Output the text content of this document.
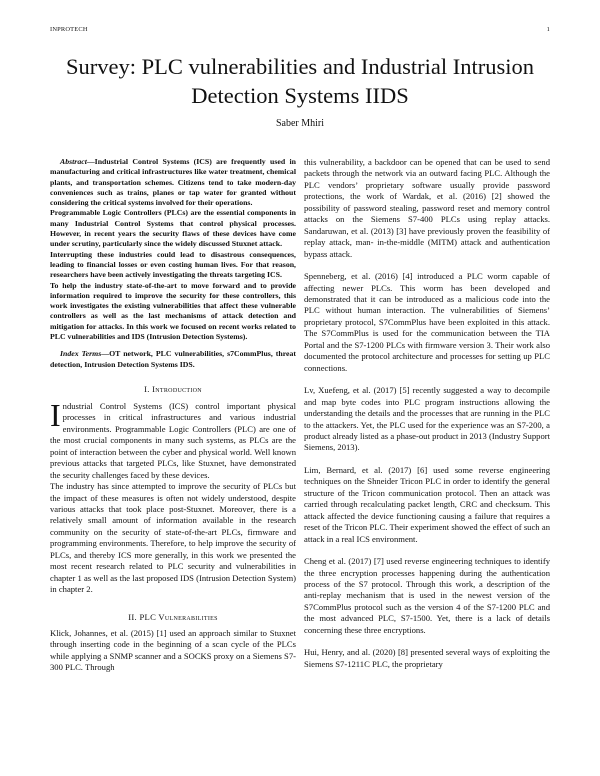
INPROTECH	1
Survey: PLC vulnerabilities and Industrial Intrusion Detection Systems IIDS
Saber Mhiri

Abstract—Industrial Control Systems (ICS) are frequently used in manufacturing and critical infrastructures like water treatment, chemical plants, and transportation schemes. Citizens tend to take modern-day conveniences such as trains, planes or tap water for granted without considering the critical systems involved for their operations.

Programmable Logic Controllers (PLCs) are the essential components in many Industrial Control Systems that control physical processes. However, in recent years the security flaws of these devices have come under scrutiny, particularly since the widely discussed Stuxnet attack.

Interrupting these industries could lead to disastrous consequences, leading to financial losses or even costing human lives. For that reason, researchers have been actively investigating the threats targeting ICS.

To help the industry state-of-the-art to move forward and to provide information required to improve the security for these controllers, this work investigates the existing vulnerabilities that affect these vulnerable controllers as well as the last mechanisms of attack detection and mitigation for attacks. In this work we focused on recent works related to PLC vulnerabilities and IDS (Intrusion Detection Systems).

Index Terms—OT network, PLC vulnerabilities, s7CommPlus, threat detection, Intrusion Detection Systems IDS.

I. Introduction

Industrial Control Systems (ICS) control important physical processes in critical infrastructures and various industrial environments. Programmable Logic Controllers (PLC) are one of the most crucial components in many such systems, as PLCs are the point of interaction between the cyber and physical world. Well known previous attacks that targeted PLCs, like Stuxnet, have demonstrated the security challenges faced by these devices.

The industry has since attempted to improve the security of PLCs but the impact of these measures is often not widely understood, despite various attacks that took place post-Stuxnet. Moreover, there is a relatively small amount of information available in the research community on the security of state-of-the-art PLCs, firmware and programming environments. Therefore, to help improve the security of PLCs, and thereby ICS more generally, in this work we presented the most recent research related to PLC security and vulnerabilities in chapter 1 as well as the last proposed IDS (Intrusion Detection System) in chapter 2.

II. PLC Vulnerabilities

Klick, Johannes, et al. (2015) [1] used an approach similar to Stuxnet through inserting code in the beginning of a scan cycle of the PLCs while applying a SNMP scanner and a SOCKS proxy on a Siemens S7-300 PLC. Through

this vulnerability, a backdoor can be opened that can be used to send packets through the network via an outward facing PLC. Although the PLC vendors’ proprietary software usually provide password protections, the work of Wardak, et al. (2016) [2] showed the possibility of password stealing, password reset and memory control attacks on the Siemens S7-400 PLCs using replay attacks. Sandaruwan, et al. (2013) [3] have previously proven the feasibility of replay attack, man- in-the-middle (MITM) attack and authentication bypass attack.

Spenneberg, et al. (2016) [4] introduced a PLC worm capable of affecting newer PLCs. This worm has been developed and demonstrated that it can be introduced as a malicious code into the PLC without human interaction. The vulnerabilities of Siemens’ proprietary protocol, S7CommPlus have been exploited in this attack. The S7CommPlus is used for the communication between the TIA Portal and the S7-1200 PLCs with firmware version 3. Their work also documented the protocol architecture and processes for setting up PLC connections.

Lv, Xuefeng, et al. (2017) [5] recently suggested a way to decompile and map byte codes into PLC program instructions allowing the understanding the details and the processes that are running in the PLC to the attackers. Yet, the PLC used for the experience was an S7-200, a product already listed as a phase-out product in 2013 (Industry Support Siemens, 2013).

Lim, Bernard, et al. (2017) [6] used some reverse engineering techniques on the Shneider Tricon PLC in order to identify the general structure of the Tricon communication protocol. Then an attack was carried through recalculating packet length, CRC and checksum. This attack affected the device functioning causing a failure that requires a reset of the Tricon PLC. Their experiment showed the effect of such an attack in a real ICS environment.

Cheng et al. (2017) [7] used reverse engineering techniques to identify the three encryption processes happening during the authentication process of the S7 protocol. Through this work, a description of the anti-replay mechanism that is used in the newest version of the S7CommPlus protocol such as the version 4 of the S7-1200 PLC and the most advanced PLC, S7-1500. Yet, there is a lack of details concerning these three encryptions.

Hui, Henry, and al. (2020) [8] presented several ways of exploiting the Siemens S7-1211C PLC, the proprietary
